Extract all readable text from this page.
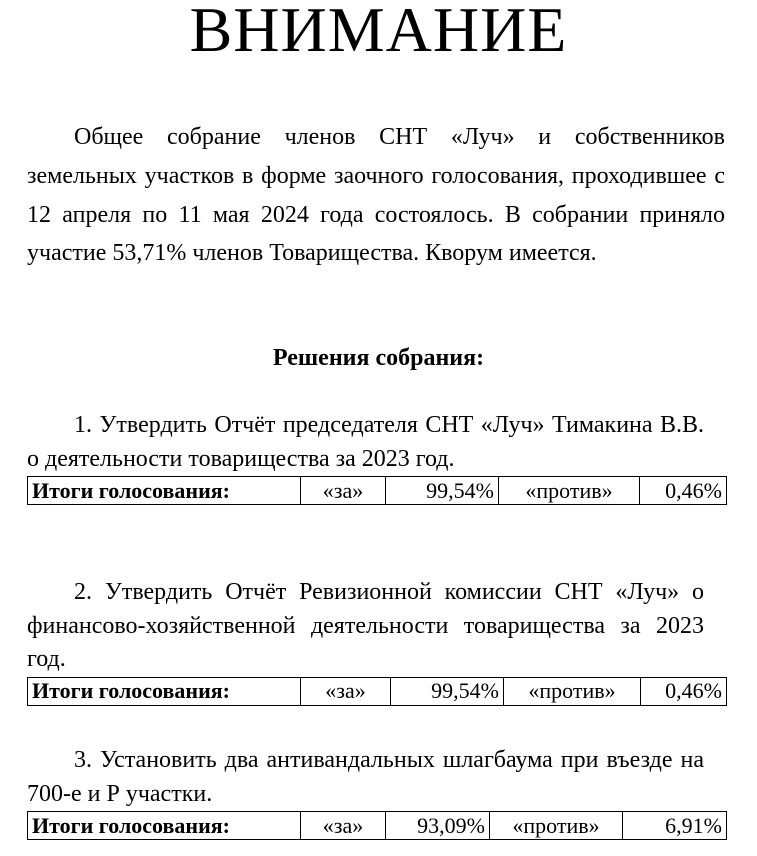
ВНИМАНИЕ

Общее собрание членов СНТ «Луч» и собственников земельных участков в форме заочного голосования, проходившее с 12 апреля по 11 мая 2024 года состоялось. В собрании приняло участие 53,71% членов Товарищества. Кворум имеется.

Решения собрания:

1. Утвердить Отчёт председателя СНТ «Луч» Тимакина В.В. о деятельности товарищества за 2023 год.

Итоги голосования:	«за»	99,54%	«против»	0,46%

2. Утвердить Отчёт Ревизионной комиссии СНТ «Луч» о финансово-хозяйственной деятельности товарищества за 2023 год.

Итоги голосования:	«за»	99,54%	«против»	0,46%

3. Установить два антивандальных шлагбаума при въезде на 700-е и Р участки.

Итоги голосования:	«за»	93,09%	«против»	6,91%
